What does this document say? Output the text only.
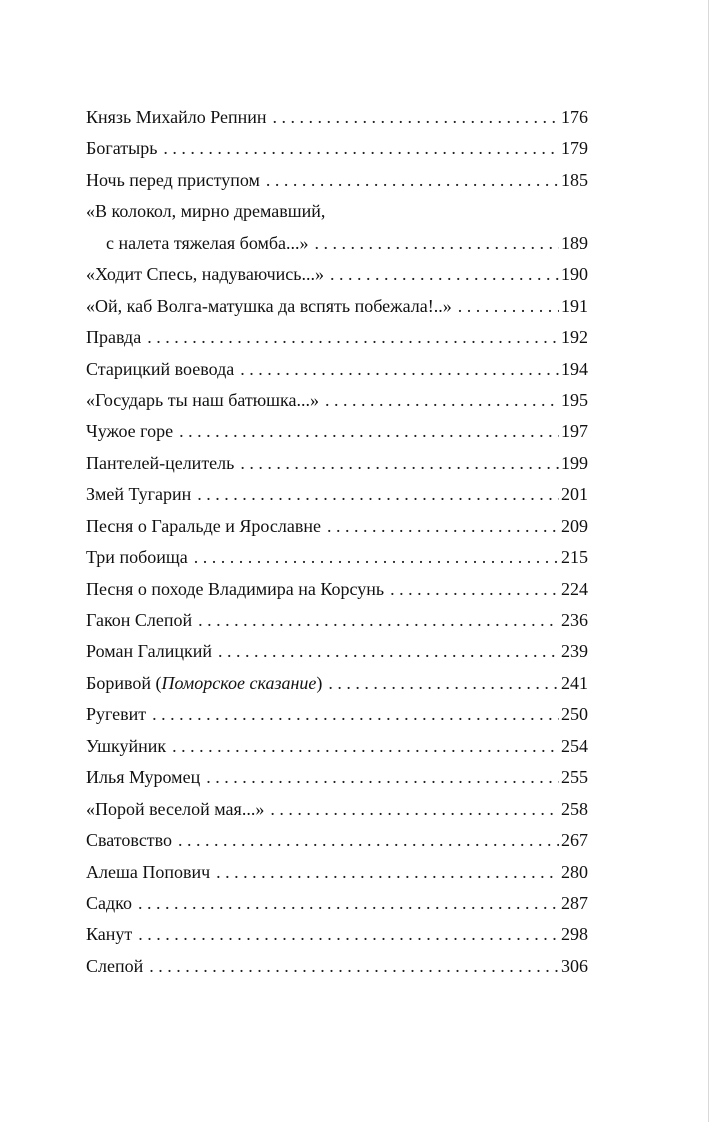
Князь Михайло Репнин . . .	176
Богатырь . . .	179
Ночь перед приступом . . .	185
«В колокол, мирно дремавший,
с налета тяжелая бомба...» . . .	189
«Ходит Спесь, надуваючись...» . . .	190
«Ой, каб Волга-матушка да вспять побежала!..» . . .	191
Правда . . .	192
Старицкий воевода . . .	194
«Государь ты наш батюшка...» . . .	195
Чужое горе . . .	197
Пантелей-целитель . . .	199
Змей Тугарин . . .	201
Песня о Гаральде и Ярославне . . .	209
Три побоища . . .	215
Песня о походе Владимира на Корсунь . . .	224
Гакон Слепой . . .	236
Роман Галицкий . . .	239
Боривой (Поморское сказание) . . .	241
Ругевит . . .	250
Ушкуйник . . .	254
Илья Муромец . . .	255
«Порой веселой мая...» . . .	258
Сватовство . . .	267
Алеша Попович . . .	280
Садко . . .	287
Канут . . .	298
Слепой . . .	306
